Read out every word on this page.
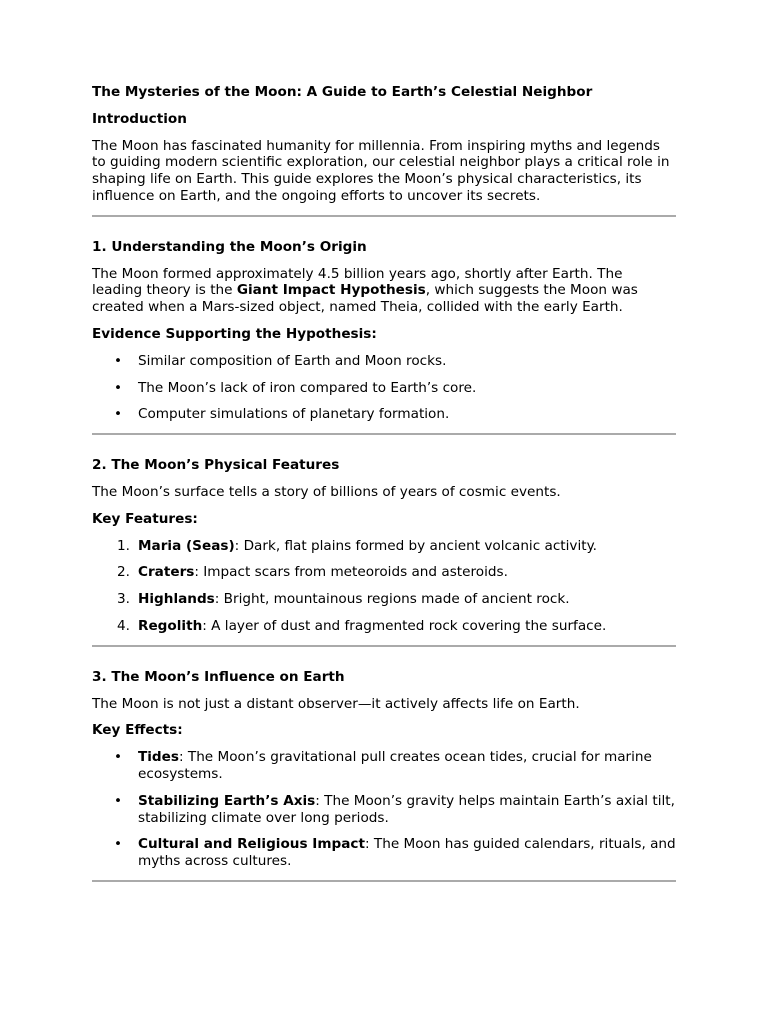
The Mysteries of the Moon: A Guide to Earth’s Celestial Neighbor

Introduction

The Moon has fascinated humanity for millennia. From inspiring myths and legends to guiding modern scientific exploration, our celestial neighbor plays a critical role in shaping life on Earth. This guide explores the Moon’s physical characteristics, its influence on Earth, and the ongoing efforts to uncover its secrets.

1. Understanding the Moon’s Origin

The Moon formed approximately 4.5 billion years ago, shortly after Earth. The leading theory is the Giant Impact Hypothesis, which suggests the Moon was created when a Mars-sized object, named Theia, collided with the early Earth.

Evidence Supporting the Hypothesis:

• Similar composition of Earth and Moon rocks.
• The Moon’s lack of iron compared to Earth’s core.
• Computer simulations of planetary formation.

2. The Moon’s Physical Features

The Moon’s surface tells a story of billions of years of cosmic events.

Key Features:

1. Maria (Seas): Dark, flat plains formed by ancient volcanic activity.
2. Craters: Impact scars from meteoroids and asteroids.
3. Highlands: Bright, mountainous regions made of ancient rock.
4. Regolith: A layer of dust and fragmented rock covering the surface.

3. The Moon’s Influence on Earth

The Moon is not just a distant observer—it actively affects life on Earth.

Key Effects:

• Tides: The Moon’s gravitational pull creates ocean tides, crucial for marine ecosystems.
• Stabilizing Earth’s Axis: The Moon’s gravity helps maintain Earth’s axial tilt, stabilizing climate over long periods.
• Cultural and Religious Impact: The Moon has guided calendars, rituals, and myths across cultures.
